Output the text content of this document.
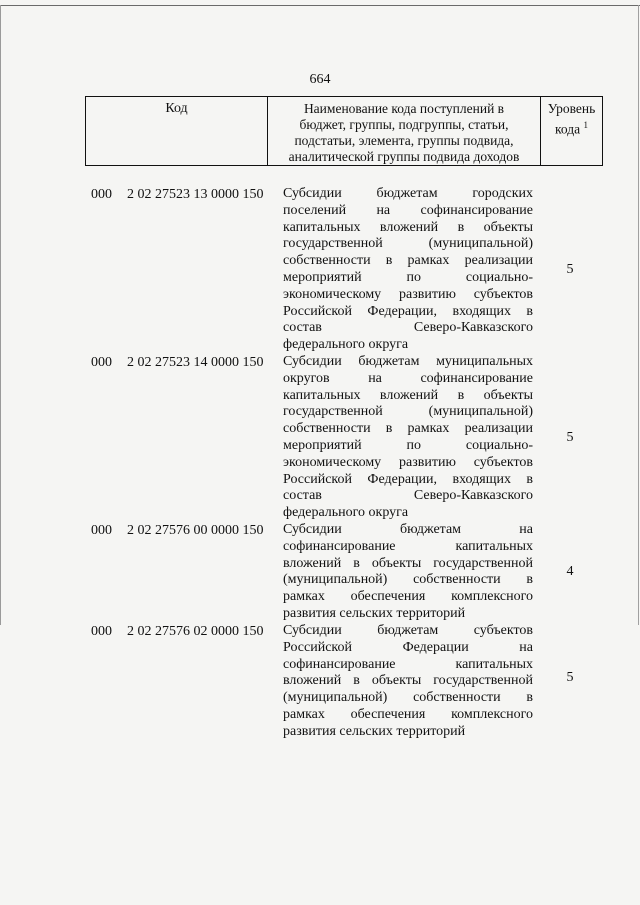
664
Код	Наименование кода поступлений в
бюджет, группы, подгруппы, статьи,
подстатьи, элемента, группы подвида,
аналитической группы подвида доходов
Уровень
кода $^1$
000 2 02 27523 13 0000 150 Субсидии бюджетам городских
поселений на софинансирование
капитальных вложений в объекты
государственной (муниципальной)
собственности в рамках реализации
мероприятий по социально-
экономическому развитию субъектов
Российской Федерации, входящих в
состав Северо-Кавказского
федерального округа
5
000 2 02 27523 14 0000 150 Субсидии бюджетам муниципальных
округов на софинансирование
капитальных вложений в объекты
государственной (муниципальной)
собственности в рамках реализации
мероприятий по социально-
экономическому развитию субъектов
Российской Федерации, входящих в
состав Северо-Кавказского
федерального округа
5
000 2 02 27576 00 0000 150 Субсидии бюджетам на
софинансирование капитальных
вложений в объекты государственной
(муниципальной) собственности в
рамках обеспечения комплексного
развития сельских территорий
4
000 2 02 27576 02 0000 150 Субсидии бюджетам субъектов
Российской Федерации на
софинансирование капитальных
вложений в объекты государственной
(муниципальной) собственности в
рамках обеспечения комплексного
развития сельских территорий
5
